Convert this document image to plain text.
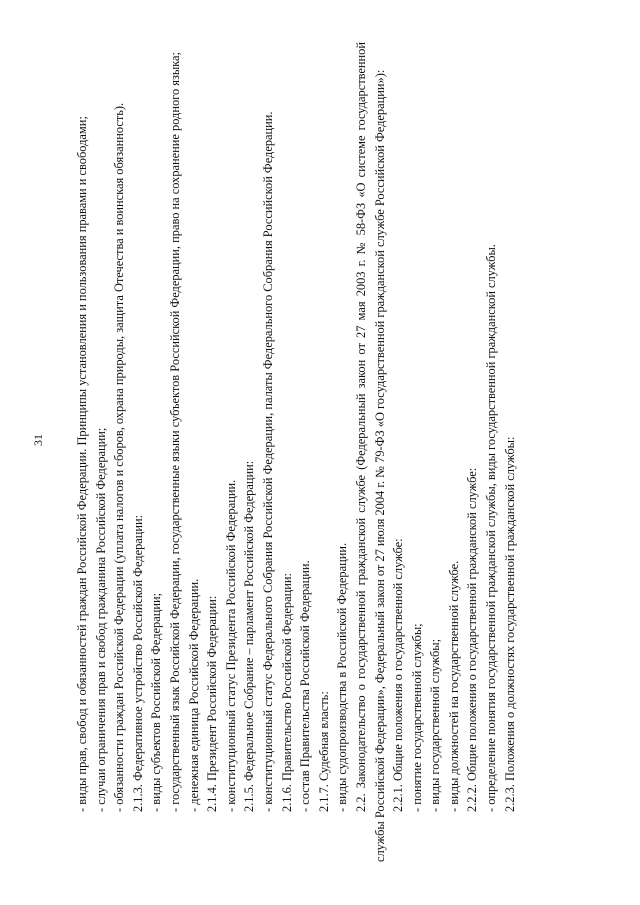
31 - виды прав, свобод и обязанностей граждан Российской Федерации. Принципы установления и пользования правами и свободами; - случаи ограничения прав и свобод гражданина Российской Федерации; - обязанности граждан Российской Федерации (уплата налогов и сборов, охрана природы, защита Отечества и воинская обязанность). 2.1.3. Федеративное устройство Российской Федерации: - виды субъектов Российской Федерации; - государственный язык Российской Федерации, государственные языки субъектов Российской Федерации, право на сохранение родного языка; - денежная единица Российской Федерации. 2.1.4. Президент Российской Федерации: - конституционный статус Президента Российской Федерации. 2.1.5. Федеральное Собрание – парламент Российской Федерации: - конституционный статус Федерального Собрания Российской Федерации, палаты Федерального Собрания Российской Федерации. 2.1.6. Правительство Российской Федерации: - состав Правительства Российской Федерации. 2.1.7. Судебная власть: - виды судопроизводства в Российской Федерации. 2.2. Законодательство о государственной гражданской службе (Федеральный закон от 27 мая 2003 г. № 58-ФЗ «О системе государственной службы Российской Федерации», Федеральный закон от 27 июля 2004 г. № 79-ФЗ «О государственной гражданской службе Российской Федерации»): 2.2.1. Общие положения о государственной службе: - понятие государственной службы; - виды государственной службы; - виды должностей на государственной службе. 2.2.2. Общие положения о государственной гражданской службе: - определение понятия государственной гражданской службы, виды государственной гражданской службы. 2.2.3. Положения о должностях государственной гражданской службы:
